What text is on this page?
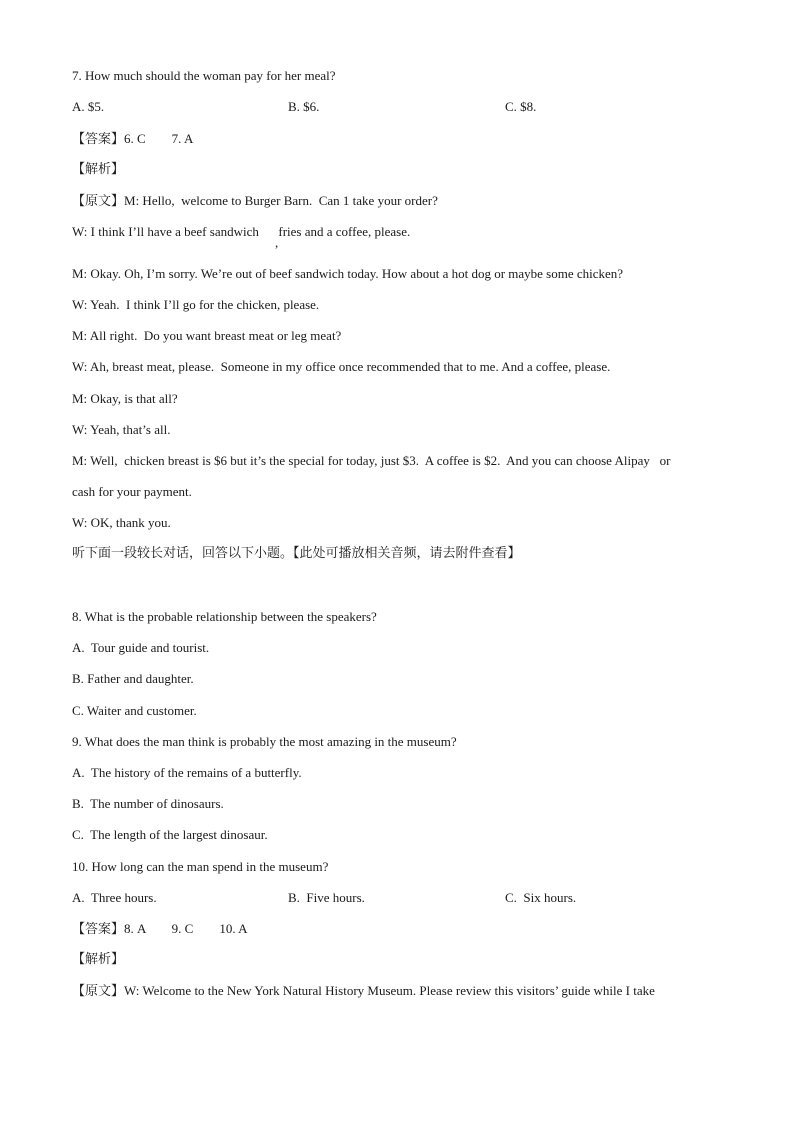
7. How much should the woman pay for her meal?
A. $5.	B. $6.	C. $8.
【答案】6. C        7. A
【解析】
【原文】M: Hello,  welcome to Burger Barn.  Can 1 take your order?
W: I think I’ll have a beef sandwich      fries and a coffee, please.
,
M: Okay. Oh, I’m sorry. We’re out of beef sandwich today. How about a hot dog or maybe some chicken?
W: Yeah.  I think I’ll go for the chicken, please.
M: All right.  Do you want breast meat or leg meat?
W: Ah, breast meat, please.  Someone in my office once recommended that to me. And a coffee, please.
M: Okay, is that all?
W: Yeah, that’s all.
M: Well,  chicken breast is $6 but it’s the special for today, just $3.  A coffee is $2.  And you can choose Alipay   or
cash for your payment.
W: OK, thank you.
听下面一段较长对话，回答以下小题。【此处可播放相关音频，请去附件查看】
8. What is the probable relationship between the speakers?
A.  Tour guide and tourist.
B. Father and daughter.
C. Waiter and customer.
9. What does the man think is probably the most amazing in the museum?
A.  The history of the remains of a butterfly.
B.  The number of dinosaurs.
C.  The length of the largest dinosaur.
10. How long can the man spend in the museum?
A.  Three hours.	B.  Five hours.	C.  Six hours.
【答案】8. A        9. C        10. A
【解析】
【原文】W: Welcome to the New York Natural History Museum. Please review this visitors’ guide while I take
